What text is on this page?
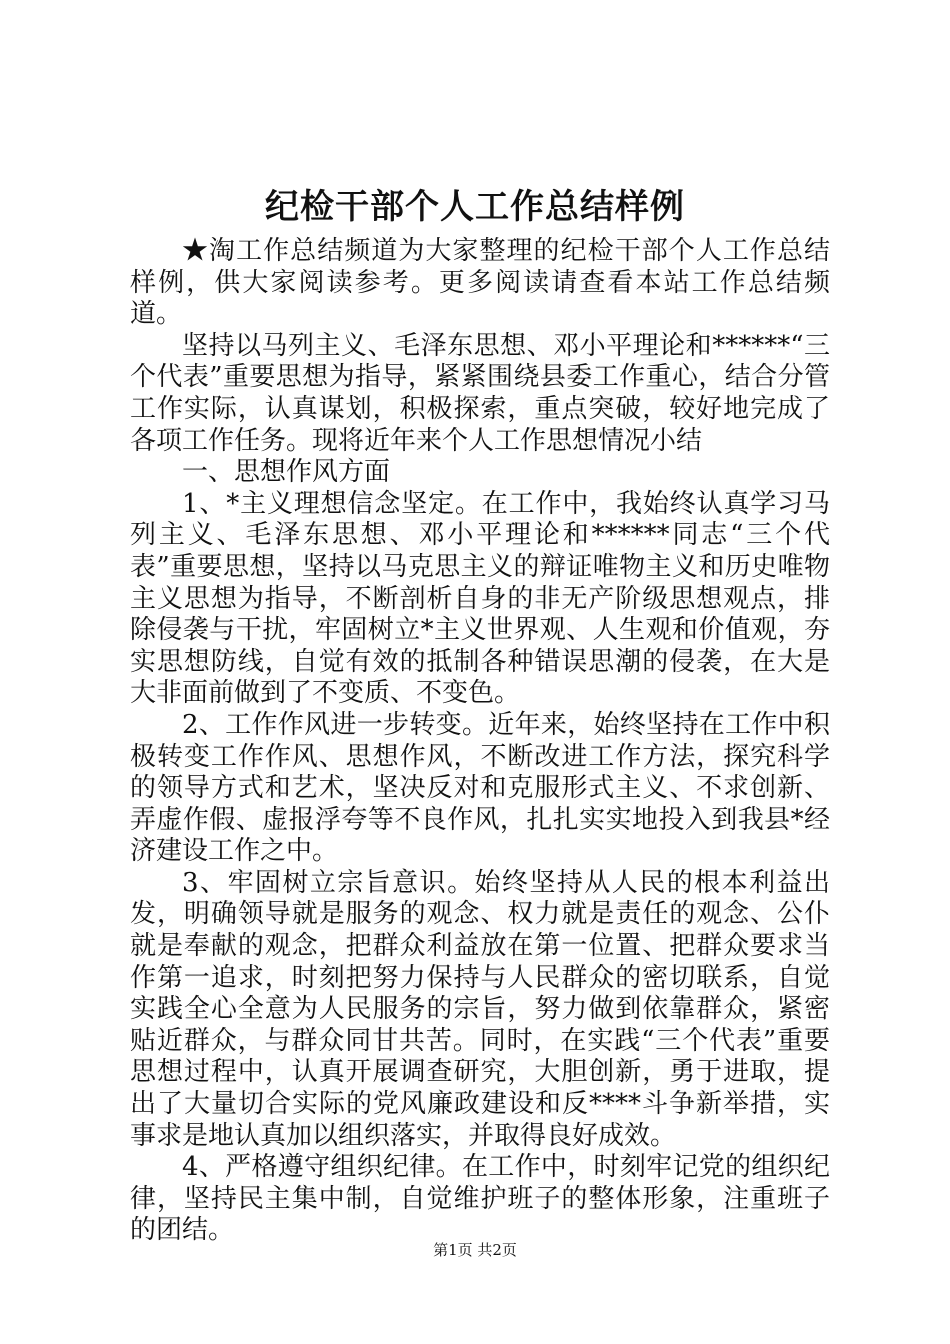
纪检干部个人工作总结样例

★淘工作总结频道为大家整理的纪检干部个人工作总结样例，供大家阅读参考。更多阅读请查看本站工作总结频道。

坚持以马列主义、毛泽东思想、邓小平理论和******“三个代表”重要思想为指导，紧紧围绕县委工作重心，结合分管工作实际，认真谋划，积极探索，重点突破，较好地完成了各项工作任务。现将近年来个人工作思想情况小结

一、思想作风方面

1、*主义理想信念坚定。在工作中，我始终认真学习马列主义、毛泽东思想、邓小平理论和******同志“三个代表”重要思想，坚持以马克思主义的辩证唯物主义和历史唯物主义思想为指导，不断剖析自身的非无产阶级思想观点，排除侵袭与干扰，牢固树立*主义世界观、人生观和价值观，夯实思想防线，自觉有效的抵制各种错误思潮的侵袭，在大是大非面前做到了不变质、不变色。

2、工作作风进一步转变。近年来，始终坚持在工作中积极转变工作作风、思想作风，不断改进工作方法，探究科学的领导方式和艺术，坚决反对和克服形式主义、不求创新、弄虚作假、虚报浮夸等不良作风，扎扎实实地投入到我县*经济建设工作之中。

3、牢固树立宗旨意识。始终坚持从人民的根本利益出发，明确领导就是服务的观念、权力就是责任的观念、公仆就是奉献的观念，把群众利益放在第一位置、把群众要求当作第一追求，时刻把努力保持与人民群众的密切联系，自觉实践全心全意为人民服务的宗旨，努力做到依靠群众，紧密贴近群众，与群众同甘共苦。同时，在实践“三个代表”重要思想过程中，认真开展调查研究，大胆创新，勇于进取，提出了大量切合实际的党风廉政建设和反****斗争新举措，实事求是地认真加以组织落实，并取得良好成效。

4、严格遵守组织纪律。在工作中，时刻牢记党的组织纪律，坚持民主集中制，自觉维护班子的整体形象，注重班子的团结。

第1页 共2页
